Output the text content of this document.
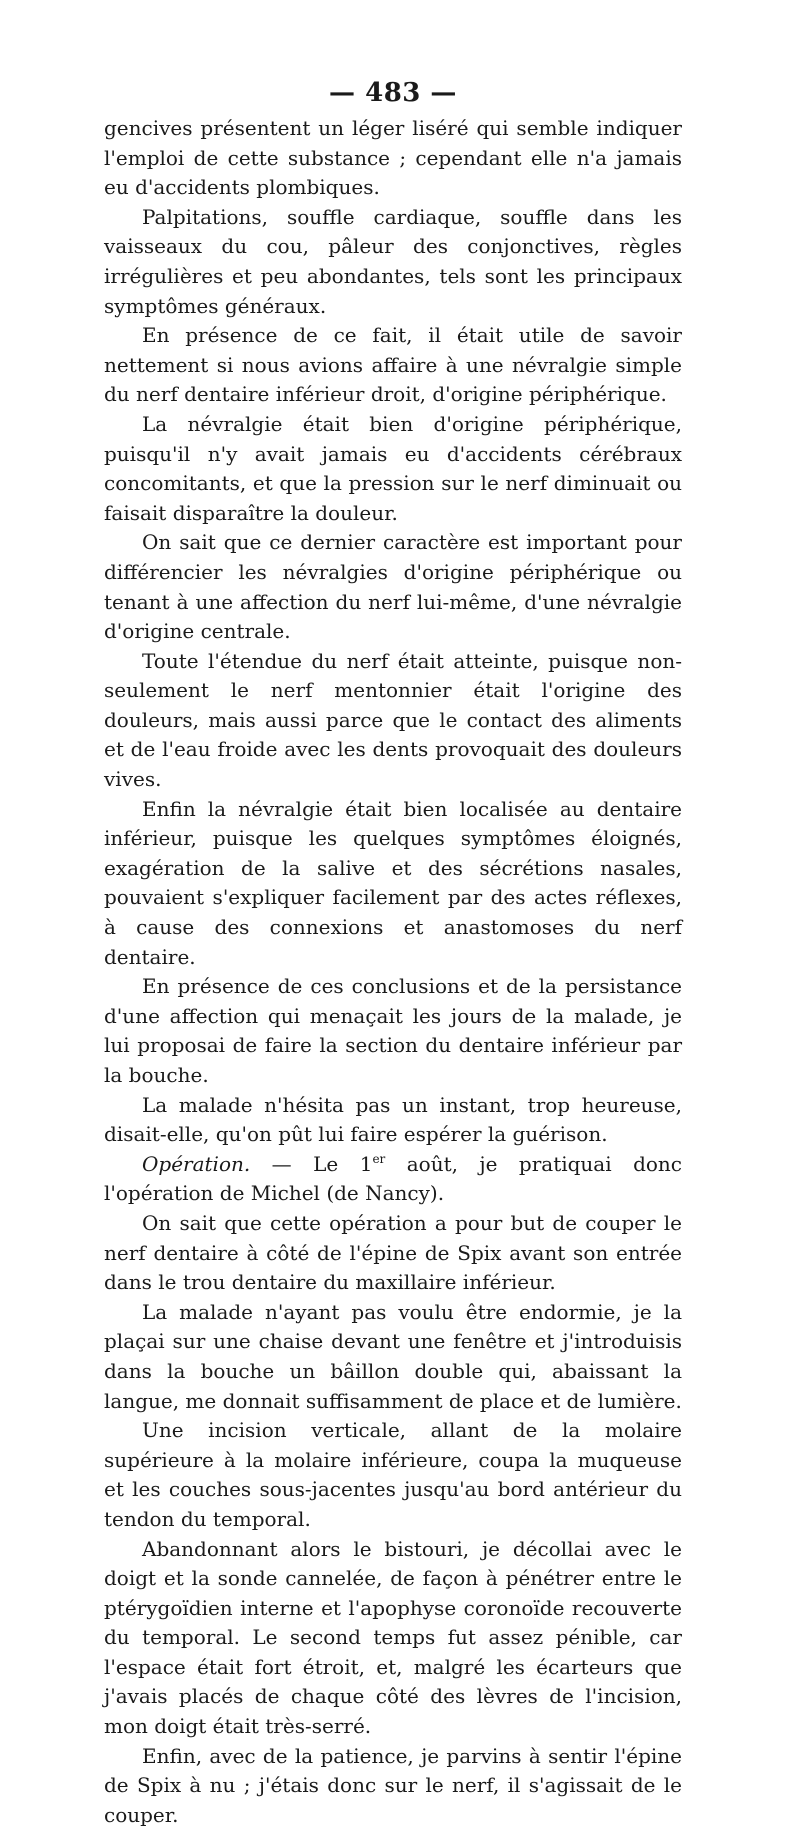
— 483 —

gencives présentent un léger liséré qui semble indiquer l'emploi de cette substance ; cependant elle n'a jamais eu d'accidents plombiques.

Palpitations, souffle cardiaque, souffle dans les vaisseaux du cou, pâleur des conjonctives, règles irrégulières et peu abondantes, tels sont les principaux symptômes généraux.

En présence de ce fait, il était utile de savoir nettement si nous avions affaire à une névralgie simple du nerf dentaire inférieur droit, d'origine périphérique.

La névralgie était bien d'origine périphérique, puisqu'il n'y avait jamais eu d'accidents cérébraux concomitants, et que la pression sur le nerf diminuait ou faisait disparaître la douleur.

On sait que ce dernier caractère est important pour différencier les névralgies d'origine périphérique ou tenant à une affection du nerf lui-même, d'une névralgie d'origine centrale.

Toute l'étendue du nerf était atteinte, puisque non-seulement le nerf mentonnier était l'origine des douleurs, mais aussi parce que le contact des aliments et de l'eau froide avec les dents provoquait des douleurs vives.

Enfin la névralgie était bien localisée au dentaire inférieur, puisque les quelques symptômes éloignés, exagération de la salive et des sécrétions nasales, pouvaient s'expliquer facilement par des actes réflexes, à cause des connexions et anastomoses du nerf dentaire.

En présence de ces conclusions et de la persistance d'une affection qui menaçait les jours de la malade, je lui proposai de faire la section du dentaire inférieur par la bouche.

La malade n'hésita pas un instant, trop heureuse, disait-elle, qu'on pût lui faire espérer la guérison.

Opération. — Le 1er août, je pratiquai donc l'opération de Michel (de Nancy).

On sait que cette opération a pour but de couper le nerf dentaire à côté de l'épine de Spix avant son entrée dans le trou dentaire du maxillaire inférieur.

La malade n'ayant pas voulu être endormie, je la plaçai sur une chaise devant une fenêtre et j'introduisis dans la bouche un bâillon double qui, abaissant la langue, me donnait suffisamment de place et de lumière.

Une incision verticale, allant de la molaire supérieure à la molaire inférieure, coupa la muqueuse et les couches sous-jacentes jusqu'au bord antérieur du tendon du temporal.

Abandonnant alors le bistouri, je décollai avec le doigt et la sonde cannelée, de façon à pénétrer entre le ptérygoïdien interne et l'apophyse coronoïde recouverte du temporal. Le second temps fut assez pénible, car l'espace était fort étroit, et, malgré les écarteurs que j'avais placés de chaque côté des lèvres de l'incision, mon doigt était très-serré.

Enfin, avec de la patience, je parvins à sentir l'épine de Spix à nu ; j'étais donc sur le nerf, il s'agissait de le couper.
